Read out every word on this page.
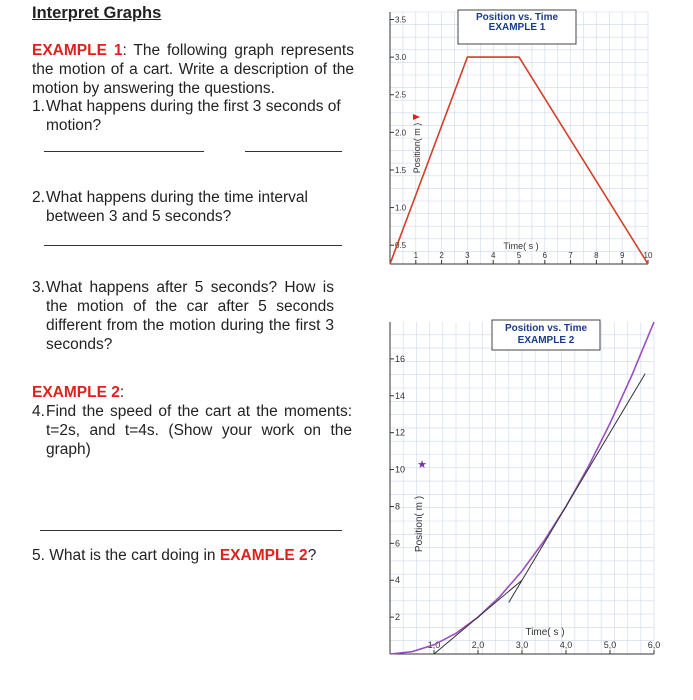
Interpret Graphs
EXAMPLE 1: The following graph represents the motion of a cart. Write a description of the motion by answering the questions.
1. What happens during the first 3 seconds of motion?
2. What happens during the time interval between 3 and 5 seconds?
3. What happens after 5 seconds? How is the motion of the car after 5 seconds different from the motion during the first 3 seconds?
EXAMPLE 2:
4. Find the speed of the cart at the moments: t=2s, and t=4s. (Show your work on the graph)
5. What is the cart doing in EXAMPLE 2?
0.5
1.0
1.5
2.0
2.5
3.0
3.5
1	2	3	4	5	6	7	8	9 10
Position vs. Time
EXAMPLE 1
Time( s )
Position( m )
2
4
6
8
10
12
14
16
1,0	2,0	3,0	4,0	5,0	6,0
Position vs. Time
EXAMPLE 2
Time( s )
Position( m )
★
